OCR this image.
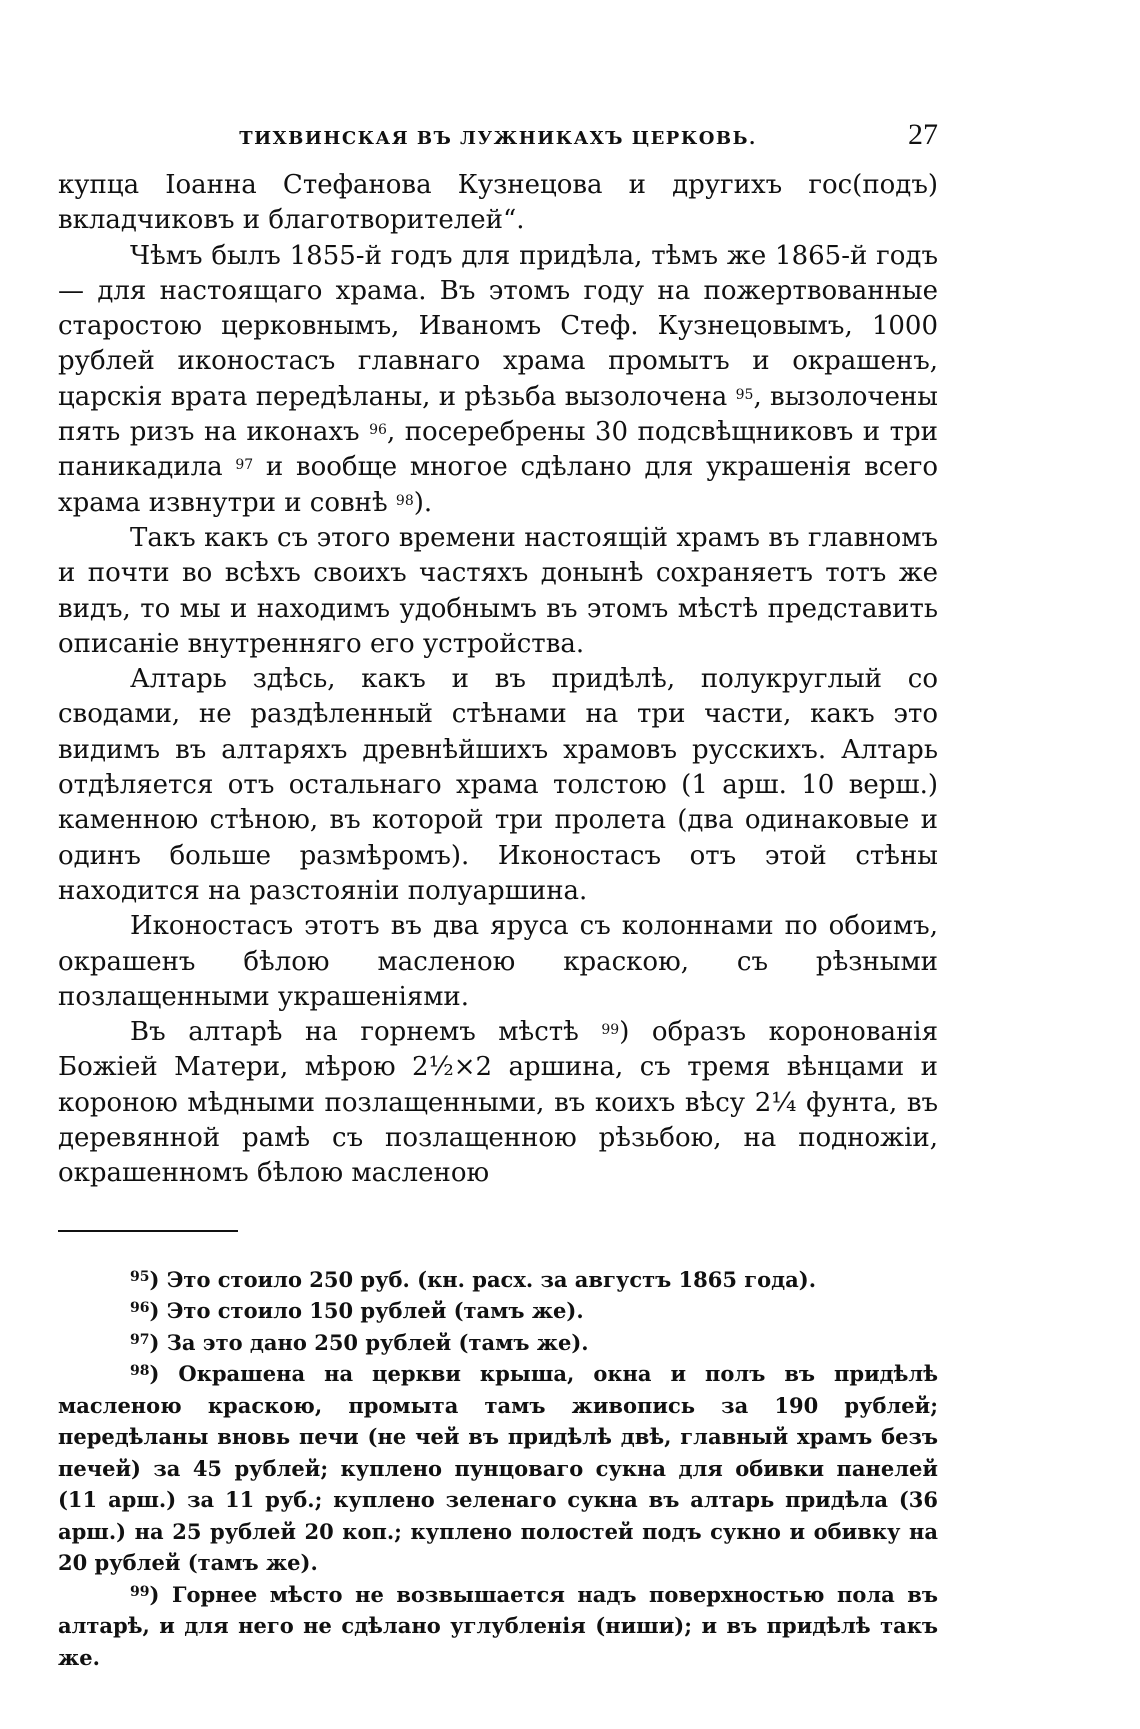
ТИХВИНСКАЯ ВЪ ЛУЖНИКАХЪ ЦЕРКОВЬ.	27

купца Іоанна Стефанова Кузнецова и другихъ гос(подъ) вкладчиковъ и благотворителей“.

Чѣмъ былъ 1855-й годъ для придѣла, тѣмъ же 1865-й годъ — для настоящаго храма. Въ этомъ году на пожертвованные старостою церковнымъ, Иваномъ Стеф. Кузнецовымъ, 1000 рублей иконостасъ главнаго храма промытъ и окрашенъ, царскія врата передѣланы, и рѣзьба вызолочена $^{95}$, вызолочены пять ризъ на иконахъ $^{96}$, посеребрены 30 подсвѣщниковъ и три паникадила $^{97}$ и вообще многое сдѣлано для украшенія всего храма извнутри и совнѣ $^{98}$).

Такъ какъ съ этого времени настоящій храмъ въ главномъ и почти во всѣхъ своихъ частяхъ донынѣ сохраняетъ тотъ же видъ, то мы и находимъ удобнымъ въ этомъ мѣстѣ представить описаніе внутренняго его устройства.

Алтарь здѣсь, какъ и въ придѣлѣ, полукруглый со сводами, не раздѣленный стѣнами на три части, какъ это видимъ въ алтаряхъ древнѣйшихъ храмовъ русскихъ. Алтарь отдѣляется отъ остальнаго храма толстою (1 арш. 10 верш.) каменною стѣною, въ которой три пролета (два одинаковые и одинъ больше размѣромъ). Иконостасъ отъ этой стѣны находится на разстояніи полуаршина.

Иконостасъ этотъ въ два яруса съ колоннами по обоимъ, окрашенъ бѣлою масленою краскою, съ рѣзными позлащенными украшеніями.

Въ алтарѣ на горнемъ мѣстѣ $^{99}$) образъ коронованія Божіей Матери, мѣрою 2½×2 аршина, съ тремя вѣнцами и короною мѣдными позлащенными, въ коихъ вѣсу 2¼ фунта, въ деревянной рамѣ съ позлащенною рѣзьбою, на подножіи, окрашенномъ бѣлою масленою

$^{95}$) Это стоило 250 руб. (кн. расх. за августъ 1865 года).

$^{96}$) Это стоило 150 рублей (тамъ же).

$^{97}$) За это дано 250 рублей (тамъ же).

$^{98}$) Окрашена на церкви крыша, окна и полъ въ придѣлѣ масленою краскою, промыта тамъ живопись за 190 рублей; передѣланы вновь печи (не чей въ придѣлѣ двѣ, главный храмъ безъ печей) за 45 рублей; куплено пунцоваго сукна для обивки панелей (11 арш.) за 11 руб.; куплено зеленаго сукна въ алтарь придѣла (36 арш.) на 25 рублей 20 коп.; куплено полостей подъ сукно и обивку на 20 рублей (тамъ же).

$^{99}$) Горнее мѣсто не возвышается надъ поверхностью пола въ алтарѣ, и для него не сдѣлано углубленія (ниши); и въ придѣлѣ такъ же.
